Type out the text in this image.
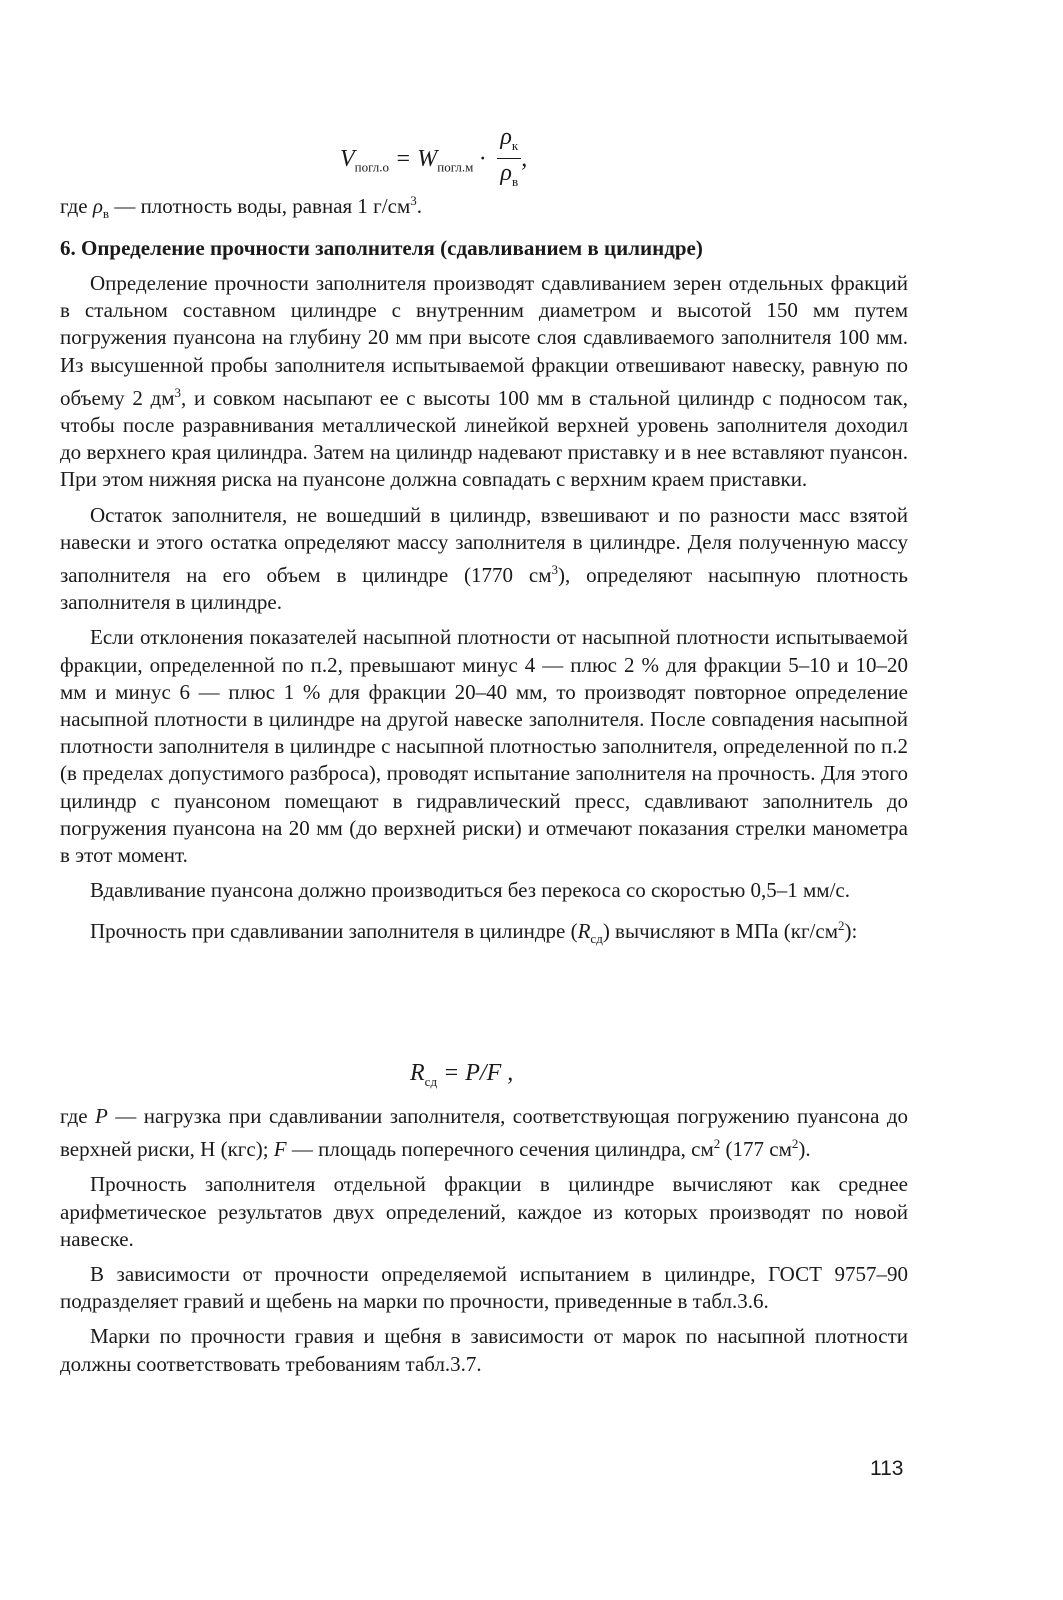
$V_{погл.о} = W_{погл.м} \cdot \frac{\rho_к}{\rho_в}$ ,
где $\rho_в$ — плотность воды, равная 1 $г/см^3$.
6. Определение прочности заполнителя (сдавливанием в цилиндре)

Определение прочности заполнителя производят сдавливанием зерен отдельных фракций в стальном составном цилиндре с внутренним диаметром и высотой 150 мм путем погружения пуансона на глубину 20 мм при высоте слоя сдавливаемого заполнителя 100 мм. Из высушенной пробы заполнителя испытываемой фракции отвешивают навеску, равную по объему 2 $дм^3$, и совком насыпают ее с высоты 100 мм в стальной цилиндр с подносом так, чтобы после разравнивания металлической линейкой верхней уровень заполнителя доходил до верхнего края цилиндра. Затем на цилиндр надевают приставку и в нее вставляют пуансон. При этом нижняя риска на пуансоне должна совпадать с верхним краем приставки.

Остаток заполнителя, не вошедший в цилиндр, взвешивают и по разности масс взятой навески и этого остатка определяют массу заполнителя в цилиндре. Деля полученную массу заполнителя на его объем в цилиндре (1770 $см^3$), определяют насыпную плотность заполнителя в цилиндре.

Если отклонения показателей насыпной плотности от насыпной плотности испытываемой фракции, определенной по п.2, превышают минус 4 — плюс 2 % для фракции 5–10 и 10–20 мм и минус 6 — плюс 1 % для фракции 20–40 мм, то производят повторное определение насыпной плотности в цилиндре на другой навеске заполнителя. После совпадения насыпной плотности заполнителя в цилиндре с насыпной плотностью заполнителя, определенной по п.2 (в пределах допустимого разброса), проводят испытание заполнителя на прочность. Для этого цилиндр с пуансоном помещают в гидравлический пресс, сдавливают заполнитель до погружения пуансона на 20 мм (до верхней риски) и отмечают показания стрелки манометра в этот момент.

Вдавливание пуансона должно производиться без перекоса со скоростью 0,5–1 мм/с.

Прочность при сдавливании заполнителя в цилиндре $(R_{сд})$ вычисляют в МПа $(кг/см^2)$:

$R_{сд} = P/F$ ,

где P — нагрузка при сдавливании заполнителя, соответствующая погружению пуансона до верхней риски, Н (кгс); F — площадь поперечного сечения цилиндра, $см^2$ (177 $см^2$).

Прочность заполнителя отдельной фракции в цилиндре вычисляют как среднее арифметическое результатов двух определений, каждое из которых производят по новой навеске.

В зависимости от прочности определяемой испытанием в цилиндре, ГОСТ 9757–90 подразделяет гравий и щебень на марки по прочности, приведенные в табл.3.6.

Марки по прочности гравия и щебня в зависимости от марок по насыпной плотности должны соответствовать требованиям табл.3.7.

113
